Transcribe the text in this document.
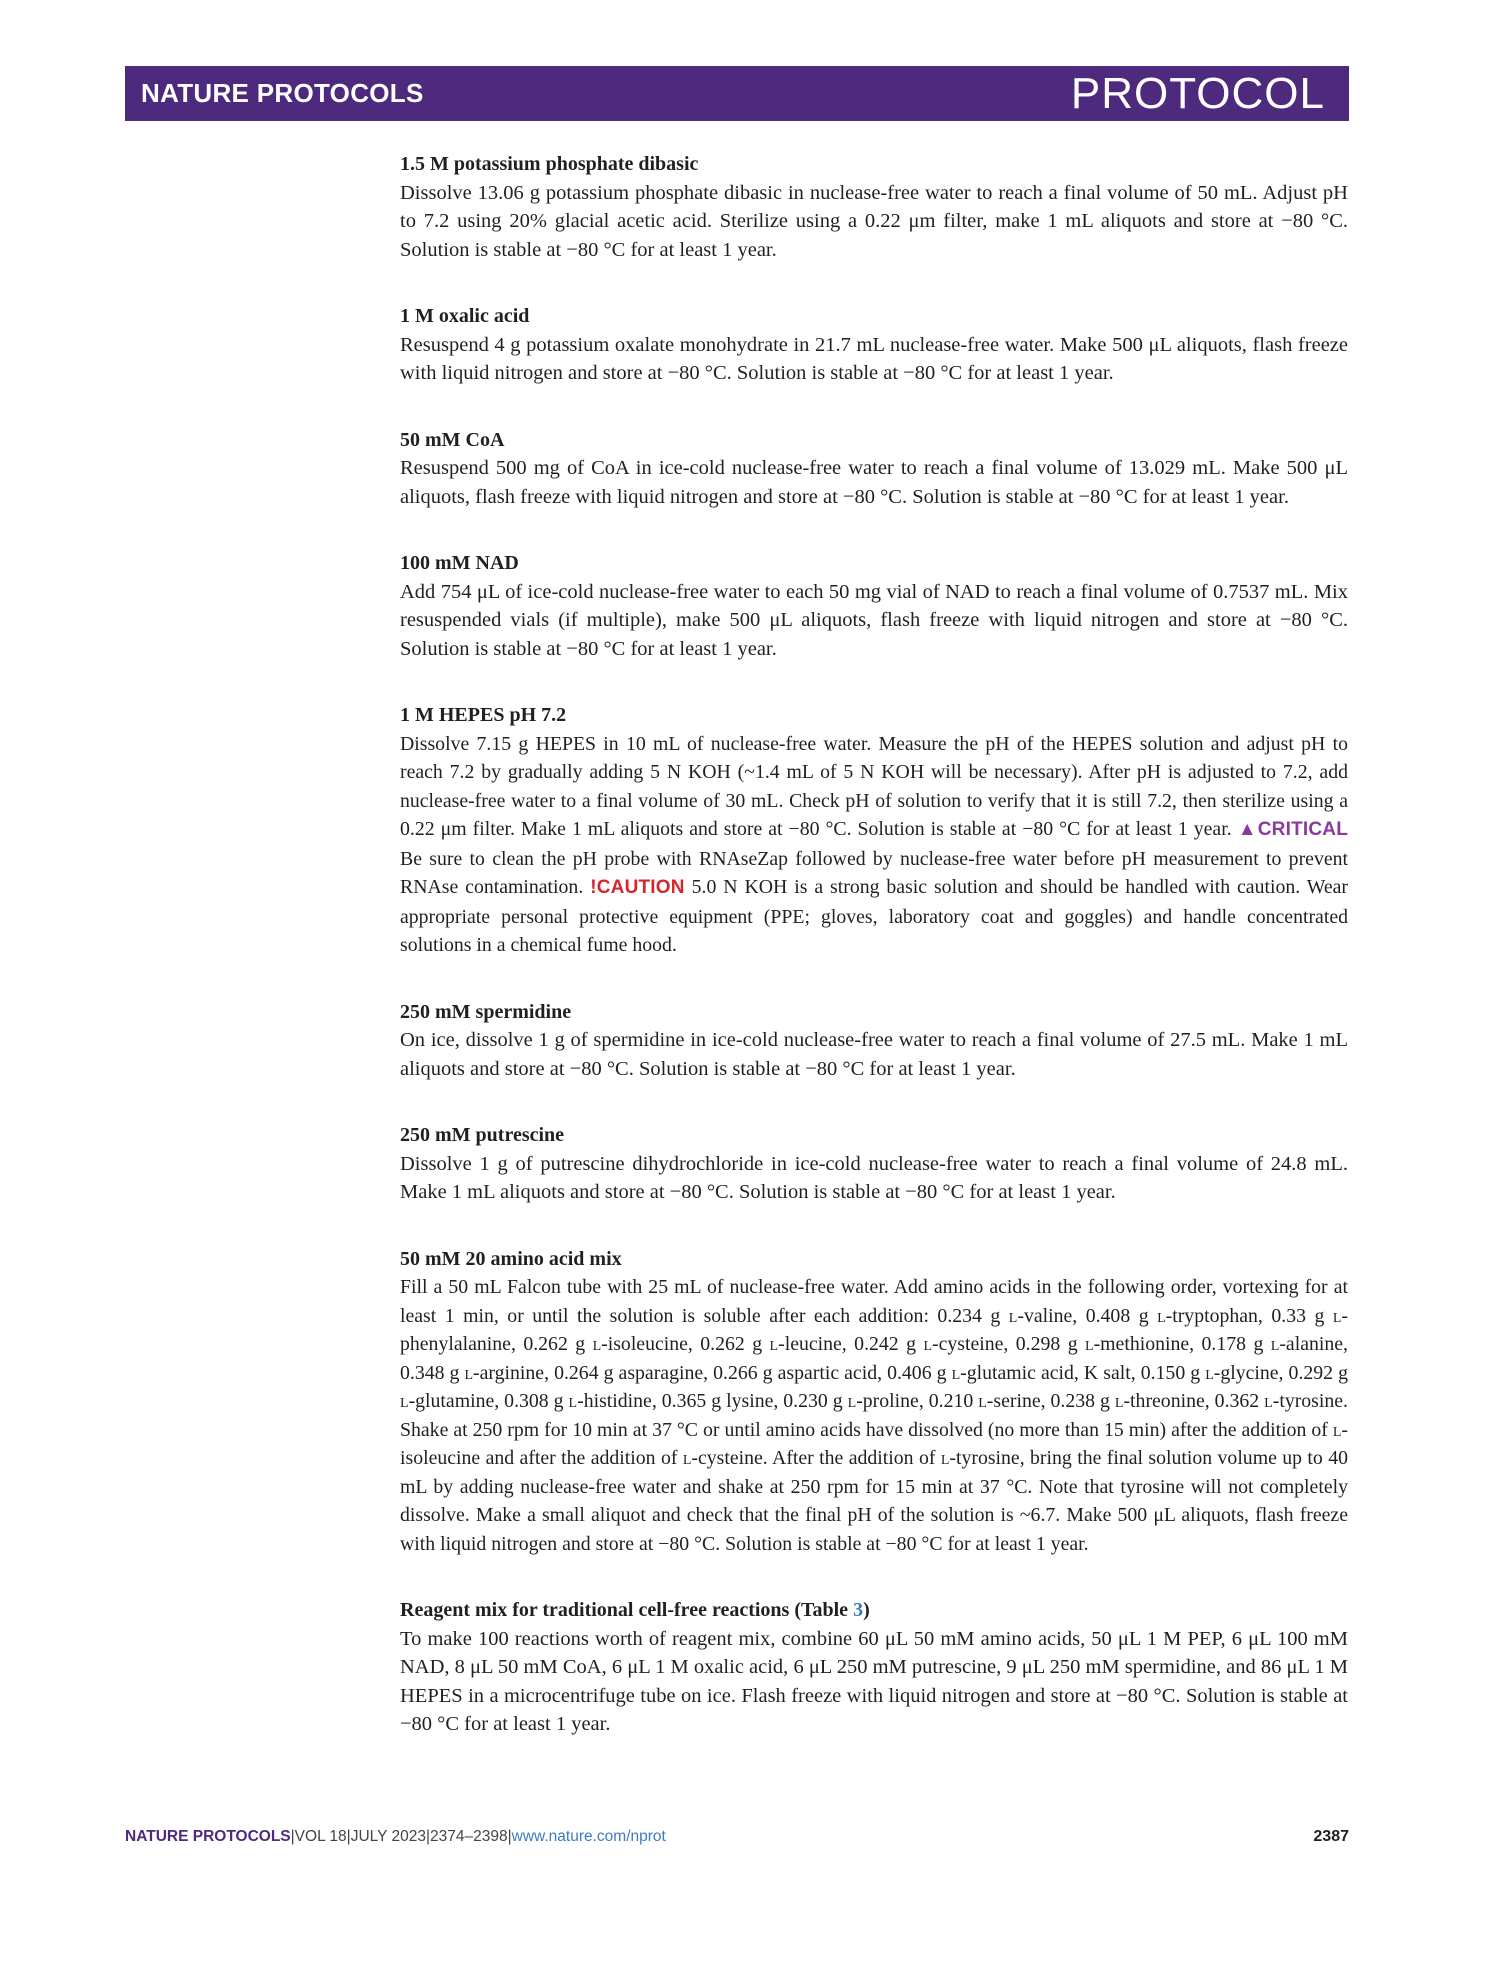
NATURE PROTOCOLS	PROTOCOL
1.5 M potassium phosphate dibasic
Dissolve 13.06 g potassium phosphate dibasic in nuclease-free water to reach a final volume of 50 mL. Adjust pH to 7.2 using 20% glacial acetic acid. Sterilize using a 0.22 μm filter, make 1 mL aliquots and store at −80 °C. Solution is stable at −80 °C for at least 1 year.
1 M oxalic acid
Resuspend 4 g potassium oxalate monohydrate in 21.7 mL nuclease-free water. Make 500 μL aliquots, flash freeze with liquid nitrogen and store at −80 °C. Solution is stable at −80 °C for at least 1 year.
50 mM CoA
Resuspend 500 mg of CoA in ice-cold nuclease-free water to reach a final volume of 13.029 mL. Make 500 μL aliquots, flash freeze with liquid nitrogen and store at −80 °C. Solution is stable at −80 °C for at least 1 year.
100 mM NAD
Add 754 μL of ice-cold nuclease-free water to each 50 mg vial of NAD to reach a final volume of 0.7537 mL. Mix resuspended vials (if multiple), make 500 μL aliquots, flash freeze with liquid nitrogen and store at −80 °C. Solution is stable at −80 °C for at least 1 year.
1 M HEPES pH 7.2
Dissolve 7.15 g HEPES in 10 mL of nuclease-free water. Measure the pH of the HEPES solution and adjust pH to reach 7.2 by gradually adding 5 N KOH (~1.4 mL of 5 N KOH will be necessary). After pH is adjusted to 7.2, add nuclease-free water to a final volume of 30 mL. Check pH of solution to verify that it is still 7.2, then sterilize using a 0.22 μm filter. Make 1 mL aliquots and store at −80 °C. Solution is stable at −80 °C for at least 1 year. ▲CRITICAL Be sure to clean the pH probe with RNAseZap followed by nuclease-free water before pH measurement to prevent RNAse contamination. !CAUTION 5.0 N KOH is a strong basic solution and should be handled with caution. Wear appropriate personal protective equipment (PPE; gloves, laboratory coat and goggles) and handle concentrated solutions in a chemical fume hood.
250 mM spermidine
On ice, dissolve 1 g of spermidine in ice-cold nuclease-free water to reach a final volume of 27.5 mL. Make 1 mL aliquots and store at −80 °C. Solution is stable at −80 °C for at least 1 year.
250 mM putrescine
Dissolve 1 g of putrescine dihydrochloride in ice-cold nuclease-free water to reach a final volume of 24.8 mL. Make 1 mL aliquots and store at −80 °C. Solution is stable at −80 °C for at least 1 year.
50 mM 20 amino acid mix
Fill a 50 mL Falcon tube with 25 mL of nuclease-free water. Add amino acids in the following order, vortexing for at least 1 min, or until the solution is soluble after each addition: 0.234 g l-valine, 0.408 g l-tryptophan, 0.33 g l-phenylalanine, 0.262 g l-isoleucine, 0.262 g l-leucine, 0.242 g l-cysteine, 0.298 g l-methionine, 0.178 g l-alanine, 0.348 g l-arginine, 0.264 g asparagine, 0.266 g aspartic acid, 0.406 g l-glutamic acid, K salt, 0.150 g l-glycine, 0.292 g l-glutamine, 0.308 g l-histidine, 0.365 g lysine, 0.230 g l-proline, 0.210 l-serine, 0.238 g l-threonine, 0.362 l-tyrosine. Shake at 250 rpm for 10 min at 37 °C or until amino acids have dissolved (no more than 15 min) after the addition of l-isoleucine and after the addition of l-cysteine. After the addition of l-tyrosine, bring the final solution volume up to 40 mL by adding nuclease-free water and shake at 250 rpm for 15 min at 37 °C. Note that tyrosine will not completely dissolve. Make a small aliquot and check that the final pH of the solution is ~6.7. Make 500 μL aliquots, flash freeze with liquid nitrogen and store at −80 °C. Solution is stable at −80 °C for at least 1 year.
Reagent mix for traditional cell-free reactions (Table 3)
To make 100 reactions worth of reagent mix, combine 60 μL 50 mM amino acids, 50 μL 1 M PEP, 6 μL 100 mM NAD, 8 μL 50 mM CoA, 6 μL 1 M oxalic acid, 6 μL 250 mM putrescine, 9 μL 250 mM spermidine, and 86 μL 1 M HEPES in a microcentrifuge tube on ice. Flash freeze with liquid nitrogen and store at −80 °C. Solution is stable at −80 °C for at least 1 year.
NATURE PROTOCOLS|VOL 18|JULY 2023|2374–2398|www.nature.com/nprot	2387
